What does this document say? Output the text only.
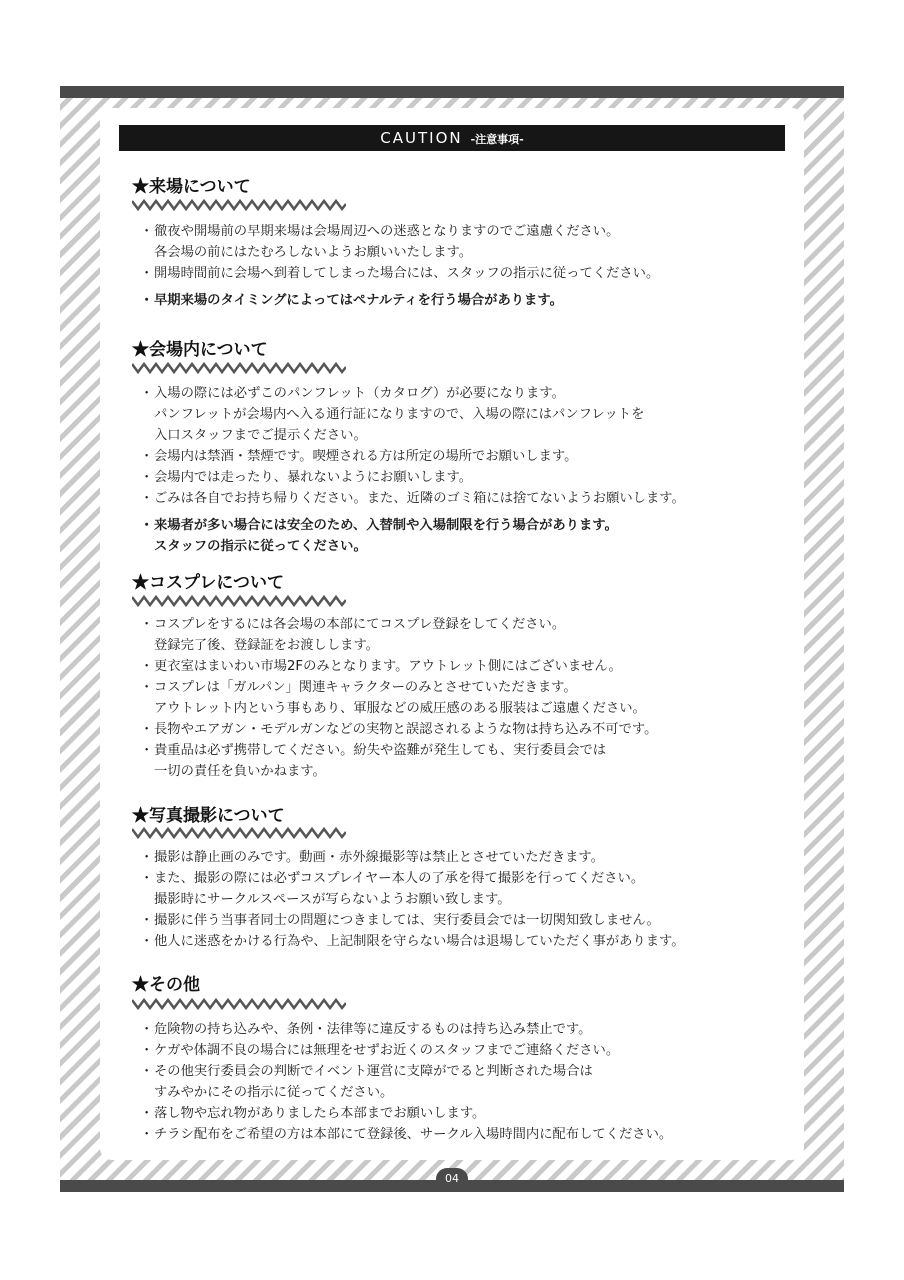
CAUTION -注意事項-
★来場について
・徹夜や開場前の早期来場は会場周辺への迷惑となりますのでご遠慮ください。
各会場の前にはたむろしないようお願いいたします。
・開場時間前に会場へ到着してしまった場合には、スタッフの指示に従ってください。
・早期来場のタイミングによってはペナルティを行う場合があります。
★会場内について
・入場の際には必ずこのパンフレット（カタログ）が必要になります。
パンフレットが会場内へ入る通行証になりますので、入場の際にはパンフレットを
入口スタッフまでご提示ください。
・会場内は禁酒・禁煙です。喫煙される方は所定の場所でお願いします。
・会場内では走ったり、暴れないようにお願いします。
・ごみは各自でお持ち帰りください。また、近隣のゴミ箱には捨てないようお願いします。
・来場者が多い場合には安全のため、入替制や入場制限を行う場合があります。
スタッフの指示に従ってください。
★コスプレについて
・コスプレをするには各会場の本部にてコスプレ登録をしてください。
登録完了後、登録証をお渡しします。
・更衣室はまいわい市場2Fのみとなります。アウトレット側にはございません。
・コスプレは「ガルパン」関連キャラクターのみとさせていただきます。
アウトレット内という事もあり、軍服などの威圧感のある服装はご遠慮ください。
・長物やエアガン・モデルガンなどの実物と誤認されるような物は持ち込み不可です。
・貴重品は必ず携帯してください。紛失や盗難が発生しても、実行委員会では
一切の責任を負いかねます。
★写真撮影について
・撮影は静止画のみです。動画・赤外線撮影等は禁止とさせていただきます。
・また、撮影の際には必ずコスプレイヤー本人の了承を得て撮影を行ってください。
撮影時にサークルスペースが写らないようお願い致します。
・撮影に伴う当事者同士の問題につきましては、実行委員会では一切関知致しません。
・他人に迷惑をかける行為や、上記制限を守らない場合は退場していただく事があります。
★その他
・危険物の持ち込みや、条例・法律等に違反するものは持ち込み禁止です。
・ケガや体調不良の場合には無理をせずお近くのスタッフまでご連絡ください。
・その他実行委員会の判断でイベント運営に支障がでると判断された場合は
すみやかにその指示に従ってください。
・落し物や忘れ物がありましたら本部までお願いします。
・チラシ配布をご希望の方は本部にて登録後、サークル入場時間内に配布してください。
04
